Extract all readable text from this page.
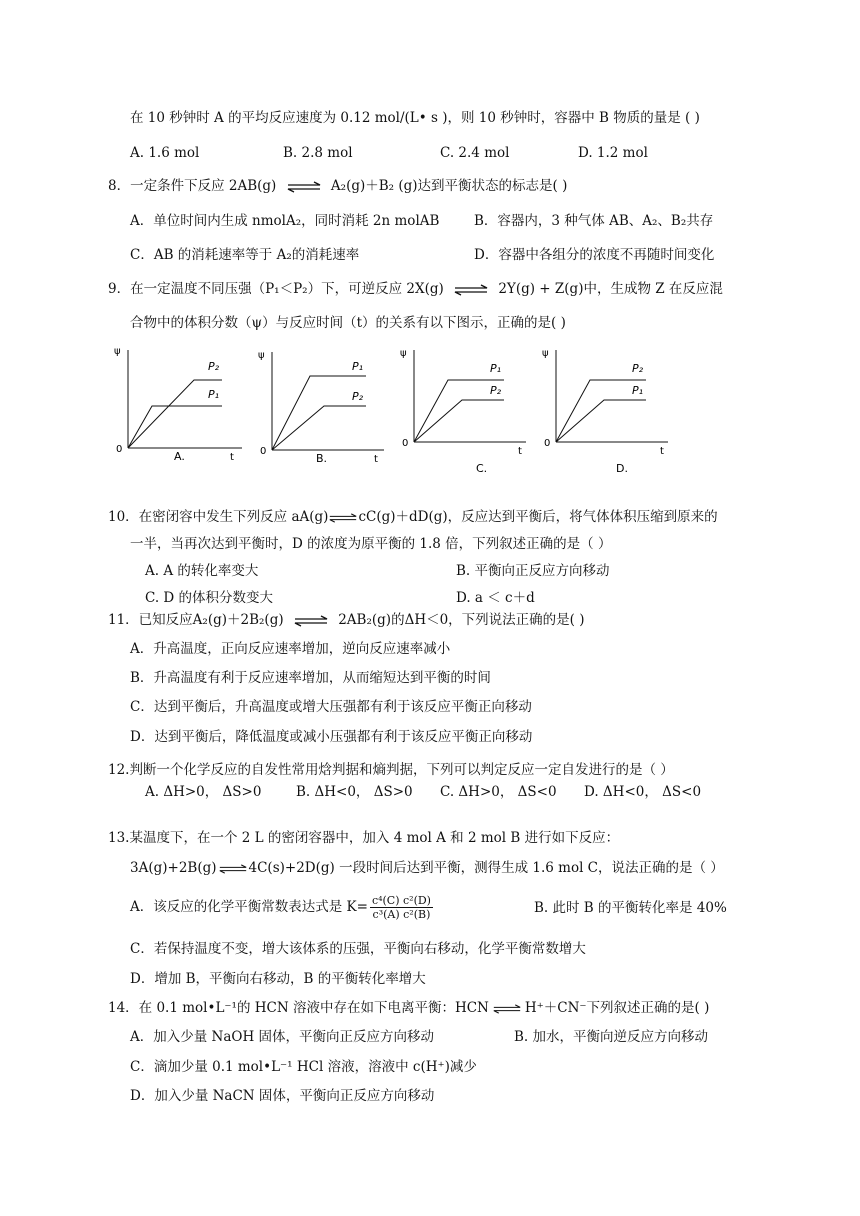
在 10 秒钟时 A 的平均反应速度为 0.12 mol/(L• s )，则 10 秒钟时，容器中 B 物质的量是 ( )
A. 1.6 mol	B. 2.8 mol	C. 2.4 mol	D. 1.2 mol
8．一定条件下反应 2AB(g) ⇌ A₂(g)＋B₂ (g)达到平衡状态的标志是( )
A．单位时间内生成 nmolA₂，同时消耗 2n molAB	B．容器内，3 种气体 AB、A₂、B₂共存
C．AB 的消耗速率等于 A₂的消耗速率	D．容器中各组分的浓度不再随时间变化
9．在一定温度不同压强（P₁＜P₂）下，可逆反应 2X(g) ⇌ 2Y(g) + Z(g)中，生成物 Z 在反应混
合物中的体积分数（ψ）与反应时间（t）的关系有以下图示，正确的是( )
ψ
0
t
P₂
P₁
A.
ψ
0
t
P₁
P₂
B.
ψ
0
t
P₁
P₂
C.
ψ
0
t
P₂
P₁
D.
10．在密闭容中发生下列反应 aA(g)⇌cC(g)＋dD(g)，反应达到平衡后，将气体体积压缩到原来的
一半，当再次达到平衡时，D 的浓度为原平衡的 1.8 倍，下列叙述正确的是（ ）
A. A 的转化率变大	B. 平衡向正反应方向移动
C. D 的体积分数变大	D. a ＜ c＋d
11．已知反应A₂(g)＋2B₂(g) ⇌ 2AB₂(g)的ΔH＜0，下列说法正确的是( )
A．升高温度，正向反应速率增加，逆向反应速率减小
B．升高温度有利于反应速率增加，从而缩短达到平衡的时间
C．达到平衡后，升高温度或增大压强都有利于该反应平衡正向移动
D．达到平衡后，降低温度或减小压强都有利于该反应平衡正向移动
12.判断一个化学反应的自发性常用焓判据和熵判据，下列可以判定反应一定自发进行的是（ ）
A. ΔH>0， ΔS>0	B. ΔH<0， ΔS>0 C. ΔH>0， ΔS<0 D. ΔH<0， ΔS<0
13.某温度下，在一个 2 L 的密闭容器中，加入 4 mol A 和 2 mol B 进行如下反应：
3A(g)+2B(g) ⇌ 4C(s)+2D(g) 一段时间后达到平衡，测得生成 1.6 mol C，说法正确的是（ ）
A．该反应的化学平衡常数表达式是 $K= \frac{\text{c⁴(C) c²(D)}}{\text{c³(A) c²(B)}}$	B. 此时 B 的平衡转化率是 40%
C．若保持温度不变，增大该体系的压强，平衡向右移动，化学平衡常数增大
D．增加 B，平衡向右移动，B 的平衡转化率增大
14．在 0.1 mol•L⁻¹的 HCN 溶液中存在如下电离平衡：HCN ⇌ H⁺＋CN⁻下列叙述正确的是( )
A．加入少量 NaOH 固体，平衡向正反应方向移动	B. 加水，平衡向逆反应方向移动
C．滴加少量 0.1 mol•L⁻¹ HCl 溶液，溶液中 c(H⁺)减少
D．加入少量 NaCN 固体，平衡向正反应方向移动
